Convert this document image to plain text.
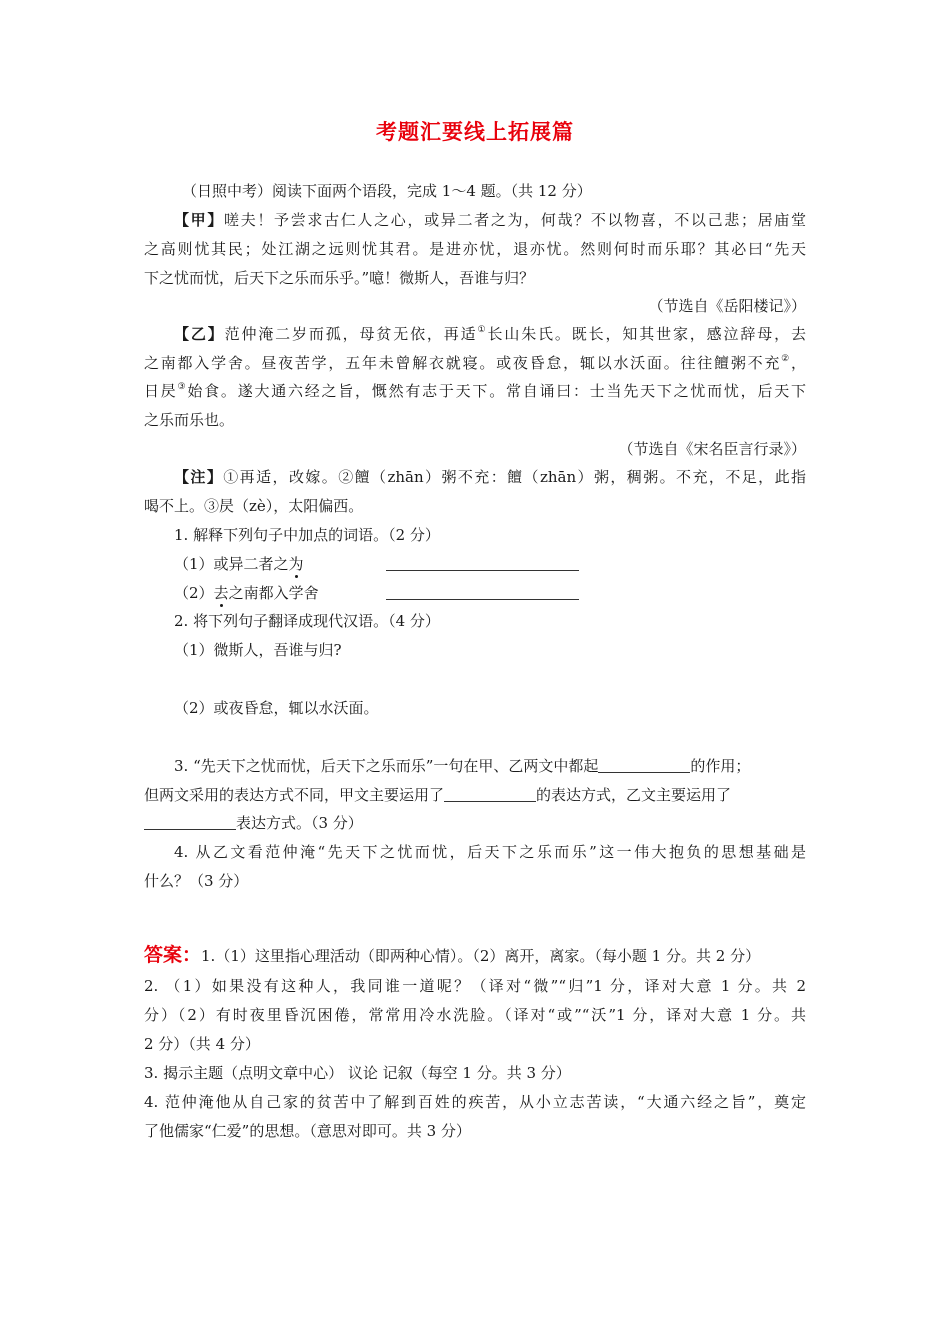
考题汇要线上拓展篇
（日照中考）阅读下面两个语段，完成 1～4 题。（共 12 分）
【甲】嗟夫！予尝求古仁人之心，或异二者之为，何哉？不以物喜，不以己悲；居庙堂
之高则忧其民；处江湖之远则忧其君。是进亦忧，退亦忧。然则何时而乐耶？其必曰“先天
下之忧而忧，后天下之乐而乐乎。”噫！微斯人，吾谁与归？
（节选自《岳阳楼记》）
【乙】范仲淹二岁而孤，母贫无依，再适①长山朱氏。既长，知其世家，感泣辞母，去
之南都入学舍。昼夜苦学，五年未曾解衣就寝。或夜昏怠，辄以水沃面。往往饘粥不充②，
日昃③始食。遂大通六经之旨，慨然有志于天下。常自诵曰：士当先天下之忧而忧，后天下
之乐而乐也。
（节选自《宋名臣言行录》）
【注】①再适，改嫁。②饘（zhān）粥不充：饘（zhān）粥，稠粥。不充，不足，此指
喝不上。③昃（zè），太阳偏西。
1. 解释下列句子中加点的词语。（2 分）
（1）或异二者之为
（2）去之南都入学舍
2. 将下列句子翻译成现代汉语。（4 分）
（1）微斯人，吾谁与归?
（2）或夜昏怠，辄以水沃面。
3. “先天下之忧而忧，后天下之乐而乐”一句在甲、乙两文中都起	的作用；
但两文采用的表达方式不同，甲文主要运用了	的表达方式，乙文主要运用了
表达方式。（3 分）
4. 从乙文看范仲淹“先天下之忧而忧，后天下之乐而乐”这一伟大抱负的思想基础是
什么？（3 分）
答案：1.（1）这里指心理活动（即两种心情）。（2）离开，离家。（每小题 1 分。共 2 分）
2. （1）如果没有这种人，我同谁一道呢？（译对“微”“归”1 分，译对大意 1 分。共 2
分）（2）有时夜里昏沉困倦，常常用冷水洗脸。（译对“或”“沃”1 分，译对大意 1 分。共
2 分）（共 4 分）
3. 揭示主题（点明文章中心） 议论 记叙（每空 1 分。共 3 分）
4. 范仲淹他从自己家的贫苦中了解到百姓的疾苦，从小立志苦读，“大通六经之旨”，奠定
了他儒家“仁爱”的思想。（意思对即可。共 3 分）
